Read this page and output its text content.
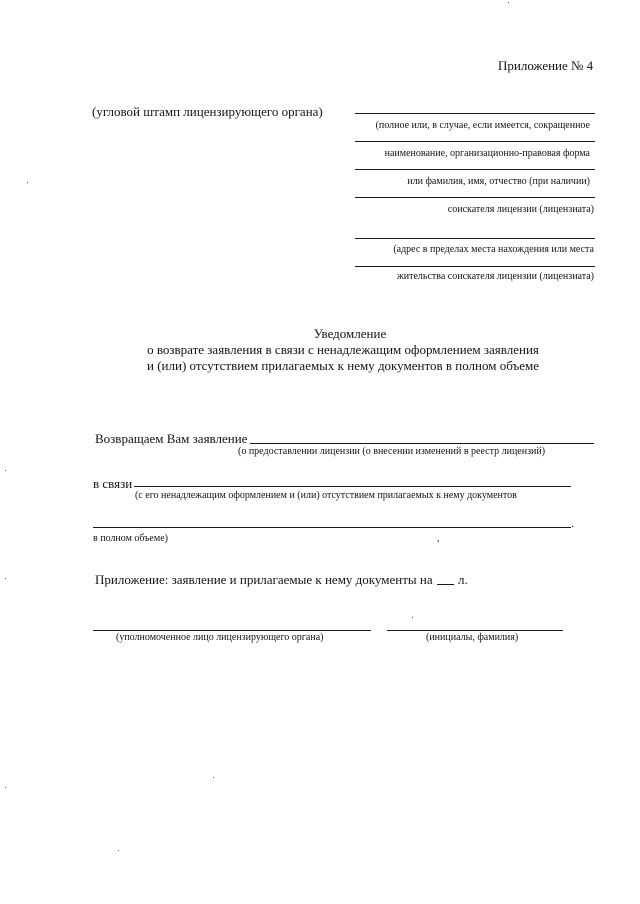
Приложение № 4
(угловой штамп лицензирующего органа)
(полное или, в случае, если имеется, сокращенное
наименование, организационно-правовая форма
или фамилия, имя, отчество (при наличии)
соискателя лицензии (лицензиата)
(адрес в пределах места нахождения или места
жительства соискателя лицензии (лицензиата)
Уведомление
о возврате заявления в связи с ненадлежащим оформлением заявления
и (или) отсутствием прилагаемых к нему документов в полном объеме
Возвращаем Вам заявление
(о предоставлении лицензии (о внесении изменений в реестр лицензий)
в связи
(с его ненадлежащим оформлением и (или) отсутствием прилагаемых к нему документов
.
в полном объеме)	,
Приложение: заявление и прилагаемые к нему документы на л.
(уполномоченное лицо лицензирующего органа)	(инициалы, фамилия)
